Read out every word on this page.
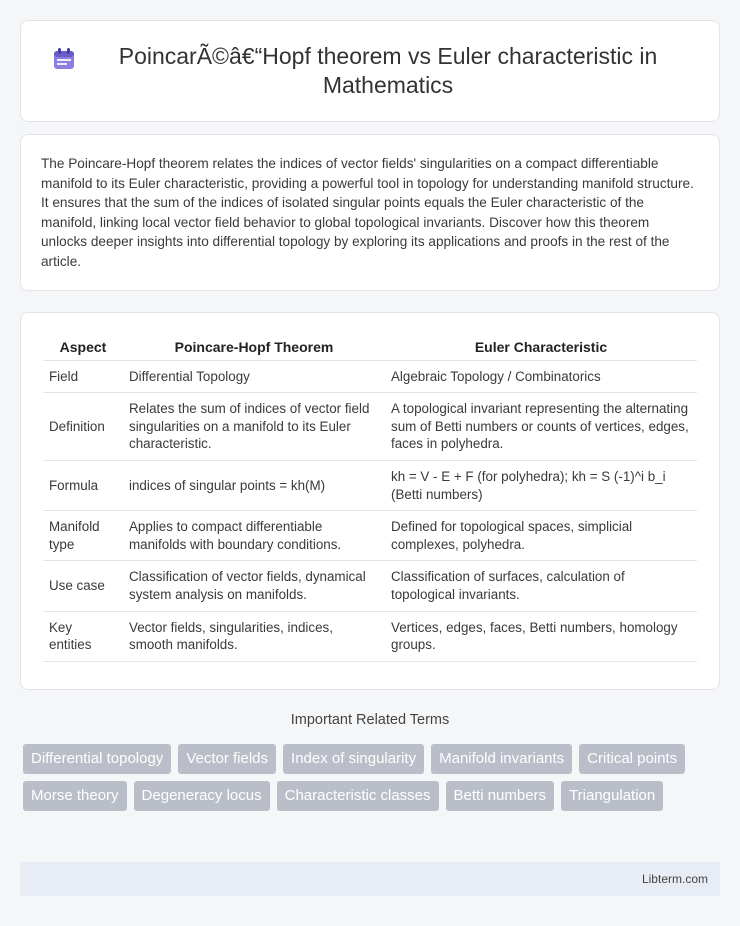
PoincarÃ©â€“Hopf theorem vs Euler characteristic in Mathematics

The Poincare-Hopf theorem relates the indices of vector fields' singularities on a compact differentiable manifold to its Euler characteristic, providing a powerful tool in topology for understanding manifold structure. It ensures that the sum of the indices of isolated singular points equals the Euler characteristic of the manifold, linking local vector field behavior to global topological invariants. Discover how this theorem unlocks deeper insights into differential topology by exploring its applications and proofs in the rest of the article.

Aspect	Poincare-Hopf Theorem	Euler Characteristic
Field	Differential Topology	Algebraic Topology / Combinatorics
Definition	Relates the sum of indices of vector field singularities on a manifold to its Euler characteristic.	A topological invariant representing the alternating sum of Betti numbers or counts of vertices, edges, faces in polyhedra.
Formula	indices of singular points = kh(M)	kh = V - E + F (for polyhedra); kh = S (-1)^i b_i (Betti numbers)
Manifold type	Applies to compact differentiable manifolds with boundary conditions.	Defined for topological spaces, simplicial complexes, polyhedra.
Use case	Classification of vector fields, dynamical system analysis on manifolds.	Classification of surfaces, calculation of topological invariants.
Key entities	Vector fields, singularities, indices, smooth manifolds.	Vertices, edges, faces, Betti numbers, homology groups.
Important Related Terms
Differential topology	Vector fields	Index of singularity	Manifold invariants	Critical points
Morse theory	Degeneracy locus	Characteristic classes	Betti numbers	Triangulation
Libterm.com
